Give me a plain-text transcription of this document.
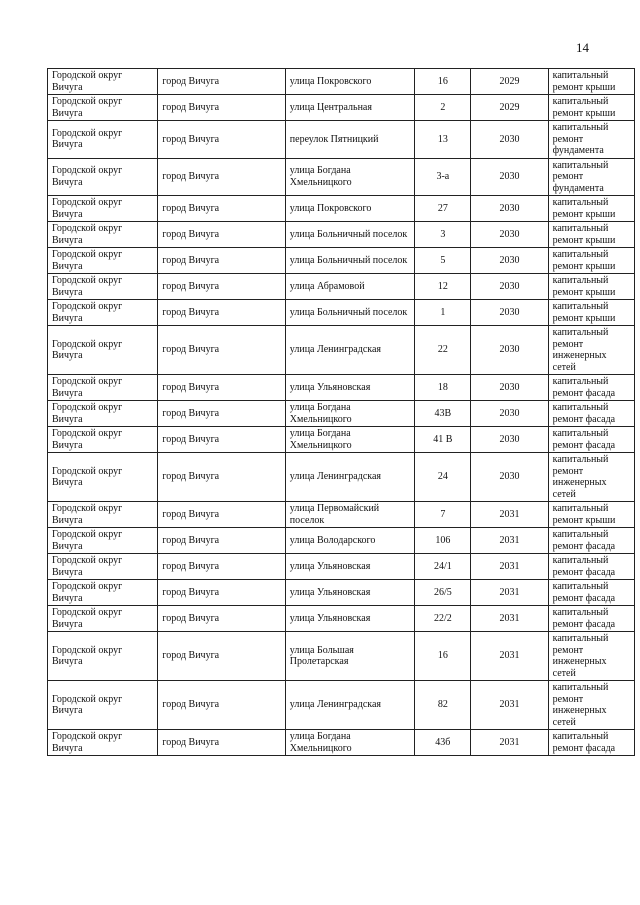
14
Городской округ Вичуга	город Вичуга	улица Покровского	16	2029	капитальный ремонт крыши
Городской округ Вичуга	город Вичуга	улица Центральная	2	2029	капитальный ремонт крыши
Городской округ Вичуга	город Вичуга	переулок Пятницкий	13	2030	капитальный ремонт фундамента
Городской округ Вичуга	город Вичуга	улица Богдана Хмельницкого	3-а	2030	капитальный ремонт фундамента
Городской округ Вичуга	город Вичуга	улица Покровского	27	2030	капитальный ремонт крыши
Городской округ Вичуга	город Вичуга	улица Больничный поселок	3	2030	капитальный ремонт крыши
Городской округ Вичуга	город Вичуга	улица Больничный поселок	5	2030	капитальный ремонт крыши
Городской округ Вичуга	город Вичуга	улица Абрамовой	12	2030	капитальный ремонт крыши
Городской округ Вичуга	город Вичуга	улица Больничный поселок	1	2030	капитальный ремонт крыши
Городской округ Вичуга	город Вичуга	улица Ленинградская	22	2030	капитальный ремонт инженерных сетей
Городской округ Вичуга	город Вичуга	улица Ульяновская	18	2030	капитальный ремонт фасада
Городской округ Вичуга	город Вичуга	улица Богдана Хмельницкого	43В	2030	капитальный ремонт фасада
Городской округ Вичуга	город Вичуга	улица Богдана Хмельницкого	41 В	2030	капитальный ремонт фасада
Городской округ Вичуга	город Вичуга	улица Ленинградская	24	2030	капитальный ремонт инженерных сетей
Городской округ Вичуга	город Вичуга	улица Первомайский поселок	7	2031	капитальный ремонт крыши
Городской округ Вичуга	город Вичуга	улица Володарского	106	2031	капитальный ремонт фасада
Городской округ Вичуга	город Вичуга	улица Ульяновская	24/1	2031	капитальный ремонт фасада
Городской округ Вичуга	город Вичуга	улица Ульяновская	26/5	2031	капитальный ремонт фасада
Городской округ Вичуга	город Вичуга	улица Ульяновская	22/2	2031	капитальный ремонт фасада
Городской округ Вичуга	город Вичуга	улица Большая Пролетарская	16	2031	капитальный ремонт инженерных сетей
Городской округ Вичуга	город Вичуга	улица Ленинградская	82	2031	капитальный ремонт инженерных сетей
Городской округ Вичуга	город Вичуга	улица Богдана Хмельницкого	43б	2031	капитальный ремонт фасада
